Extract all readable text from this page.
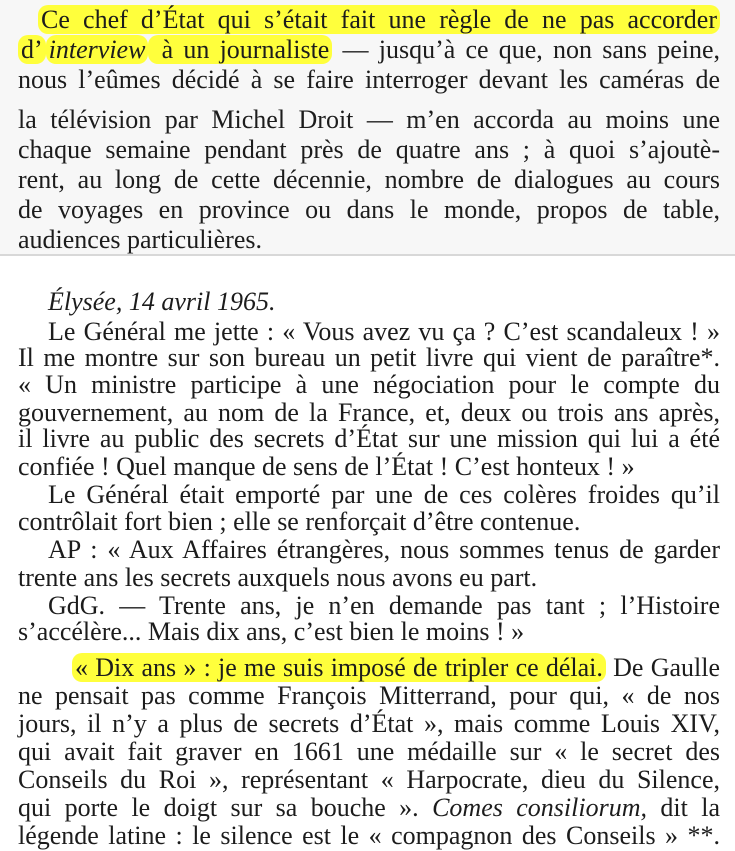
Ce chef d’État qui s’était fait une règle de ne pas accorder
d’ interview à un journaliste — jusqu’à ce que, non sans peine,
nous l’eûmes décidé à se faire interroger devant les caméras de
la télévision par Michel Droit — m’en accorda au moins une
chaque semaine pendant près de quatre ans ; à quoi s’ajoutè-
rent, au long de cette décennie, nombre de dialogues au cours
de voyages en province ou dans le monde, propos de table,
audiences particulières.
Élysée, 14 avril 1965.
Le Général me jette : « Vous avez vu ça ? C’est scandaleux ! »
Il me montre sur son bureau un petit livre qui vient de paraître*.
« Un ministre participe à une négociation pour le compte du
gouvernement, au nom de la France, et, deux ou trois ans après,
il livre au public des secrets d’État sur une mission qui lui a été
confiée ! Quel manque de sens de l’État ! C’est honteux ! »
Le Général était emporté par une de ces colères froides qu’il
contrôlait fort bien ; elle se renforçait d’être contenue.
AP : « Aux Affaires étrangères, nous sommes tenus de garder
trente ans les secrets auxquels nous avons eu part.
GdG. — Trente ans, je n’en demande pas tant ; l’Histoire
s’accélère... Mais dix ans, c’est bien le moins ! »
« Dix ans » : je me suis imposé de tripler ce délai. De Gaulle
ne pensait pas comme François Mitterrand, pour qui, « de nos
jours, il n’y a plus de secrets d’État », mais comme Louis XIV,
qui avait fait graver en 1661 une médaille sur « le secret des
Conseils du Roi », représentant « Harpocrate, dieu du Silence,
qui porte le doigt sur sa bouche ». Comes consiliorum, dit la
légende latine : le silence est le « compagnon des Conseils » **.
